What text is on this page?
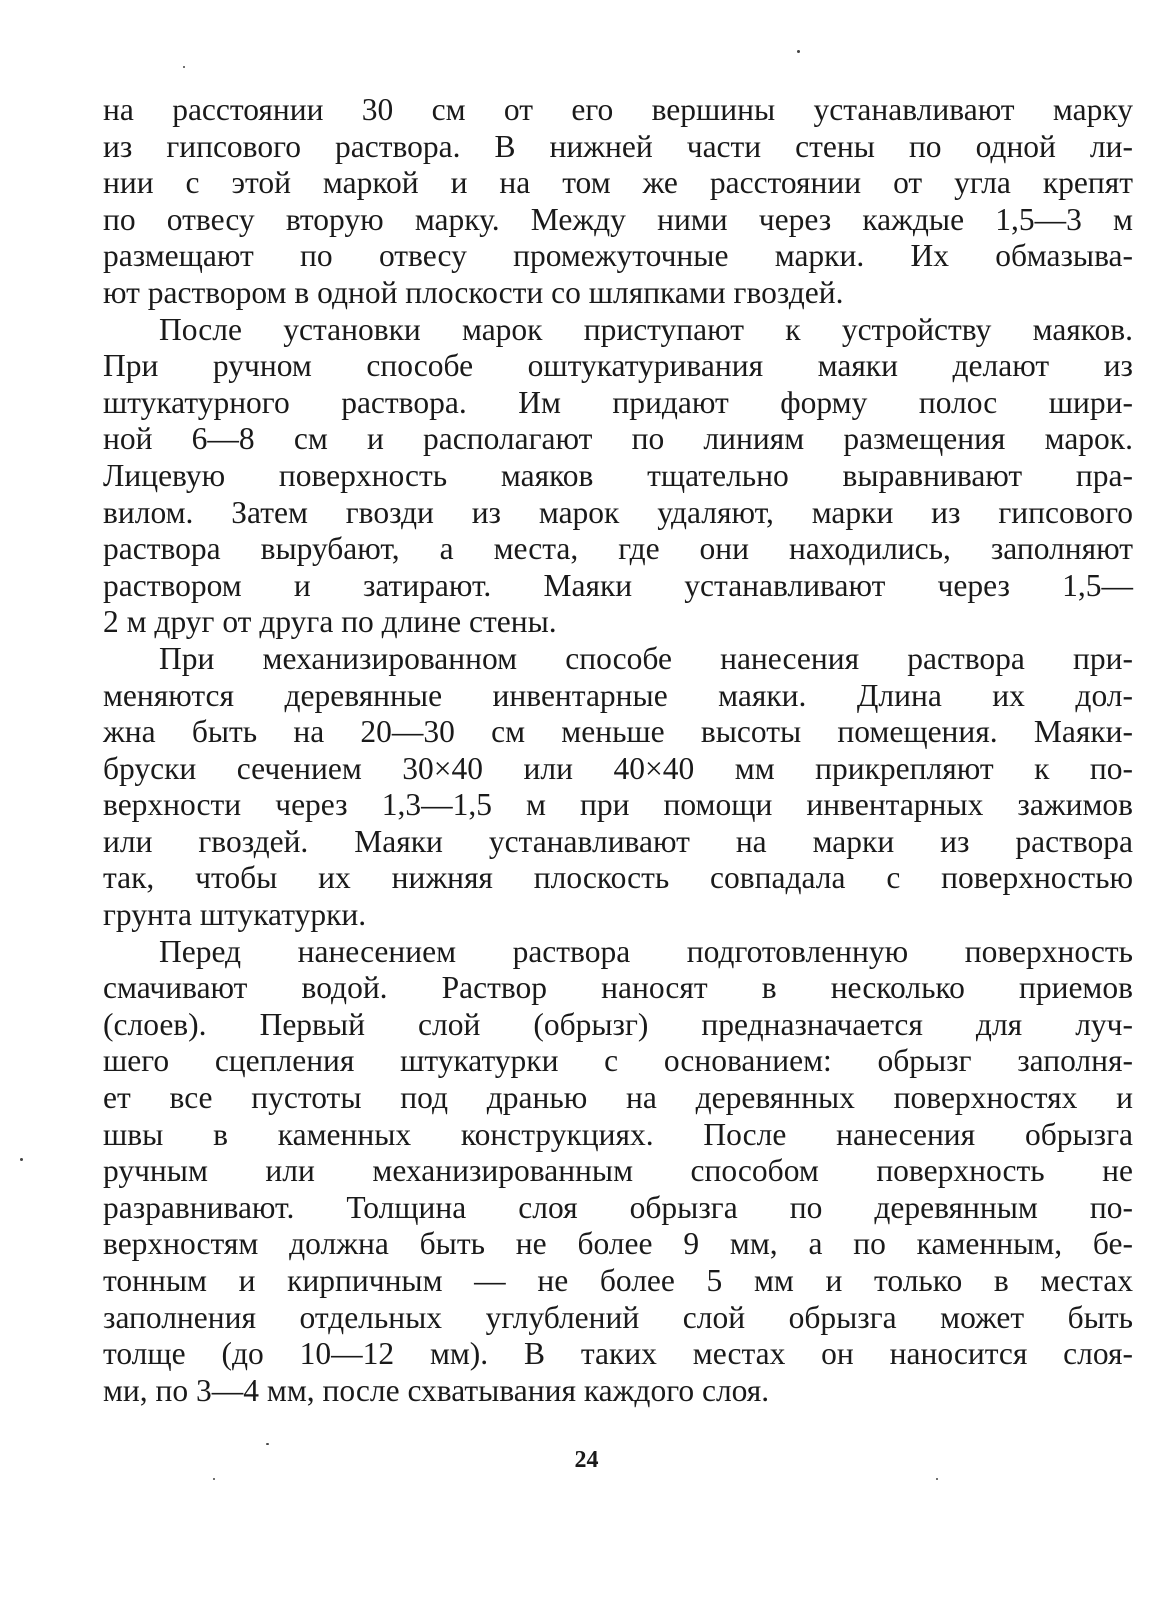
на расстоянии 30 см от его вершины устанавливают марку
из гипсового раствора. В нижней части стены по одной ли-
нии с этой маркой и на том же расстоянии от угла крепят
по отвесу вторую марку. Между ними через каждые 1,5—3 м
размещают по отвесу промежуточные марки. Их обмазыва-
ют раствором в одной плоскости со шляпками гвоздей.

После установки марок приступают к устройству маяков.
При ручном способе оштукатуривания маяки делают из
штукатурного раствора. Им придают форму полос шири-
ной 6—8 см и располагают по линиям размещения марок.
Лицевую поверхность маяков тщательно выравнивают пра-
вилом. Затем гвозди из марок удаляют, марки из гипсового
раствора вырубают, а места, где они находились, заполняют
раствором и затирают. Маяки устанавливают через 1,5—
2 м друг от друга по длине стены.

При механизированном способе нанесения раствора при-
меняются деревянные инвентарные маяки. Длина их дол-
жна быть на 20—30 см меньше высоты помещения. Маяки-
бруски сечением 30×40 или 40×40 мм прикрепляют к по-
верхности через 1,3—1,5 м при помощи инвентарных зажимов
или гвоздей. Маяки устанавливают на марки из раствора
так, чтобы их нижняя плоскость совпадала с поверхностью
грунта штукатурки.

Перед нанесением раствора подготовленную поверхность
смачивают водой. Раствор наносят в несколько приемов
(слоев). Первый слой (обрызг) предназначается для луч-
шего сцепления штукатурки с основанием: обрызг заполня-
ет все пустоты под дранью на деревянных поверхностях и
швы в каменных конструкциях. После нанесения обрызга
ручным или механизированным способом поверхность не
разравнивают. Толщина слоя обрызга по деревянным по-
верхностям должна быть не более 9 мм, а по каменным, бе-
тонным и кирпичным — не более 5 мм и только в местах
заполнения отдельных углублений слой обрызга может быть
толще (до 10—12 мм). В таких местах он наносится слоя-
ми, по 3—4 мм, после схватывания каждого слоя.

24
